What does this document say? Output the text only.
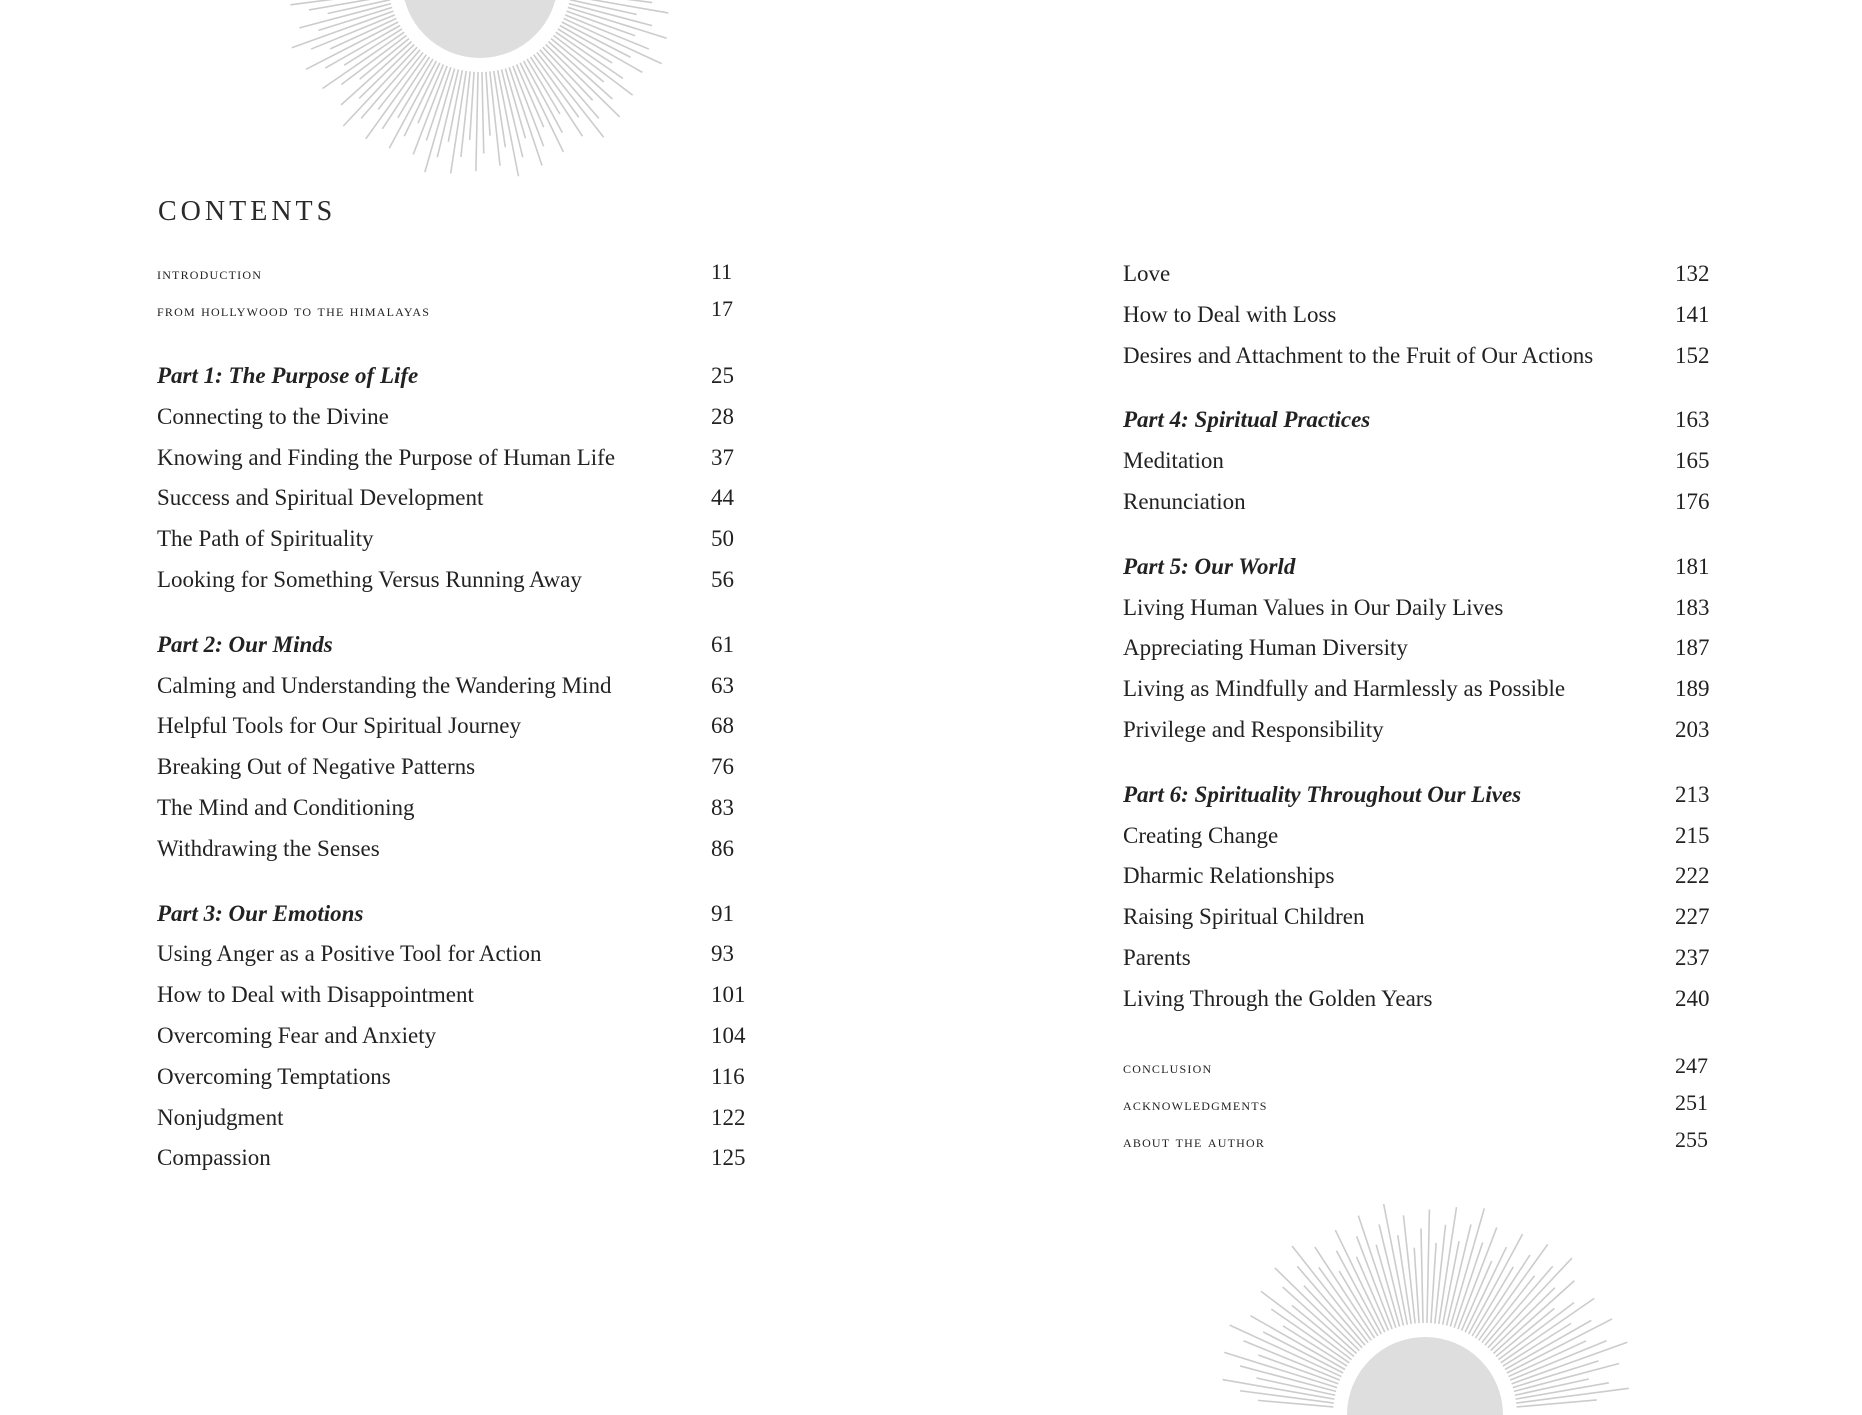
CONTENTS
introduction	11
from hollywood to the himalayas	17
Part 1: The Purpose of Life	25
Connecting to the Divine	28
Knowing and Finding the Purpose of Human Life	37
Success and Spiritual Development	44
The Path of Spirituality	50
Looking for Something Versus Running Away	56
Part 2: Our Minds	61
Calming and Understanding the Wandering Mind	63
Helpful Tools for Our Spiritual Journey	68
Breaking Out of Negative Patterns	76
The Mind and Conditioning	83
Withdrawing the Senses	86
Part 3: Our Emotions	91
Using Anger as a Positive Tool for Action	93
How to Deal with Disappointment	101
Overcoming Fear and Anxiety	104
Overcoming Temptations	116
Nonjudgment	122
Compassion	125
Love	132
How to Deal with Loss	141
Desires and Attachment to the Fruit of Our Actions	152
Part 4: Spiritual Practices	163
Meditation	165
Renunciation	176
Part 5: Our World	181
Living Human Values in Our Daily Lives	183
Appreciating Human Diversity	187
Living as Mindfully and Harmlessly as Possible	189
Privilege and Responsibility	203
Part 6: Spirituality Throughout Our Lives	213
Creating Change	215
Dharmic Relationships	222
Raising Spiritual Children	227
Parents	237
Living Through the Golden Years	240
conclusion	247
acknowledgments	251
about the author	255
